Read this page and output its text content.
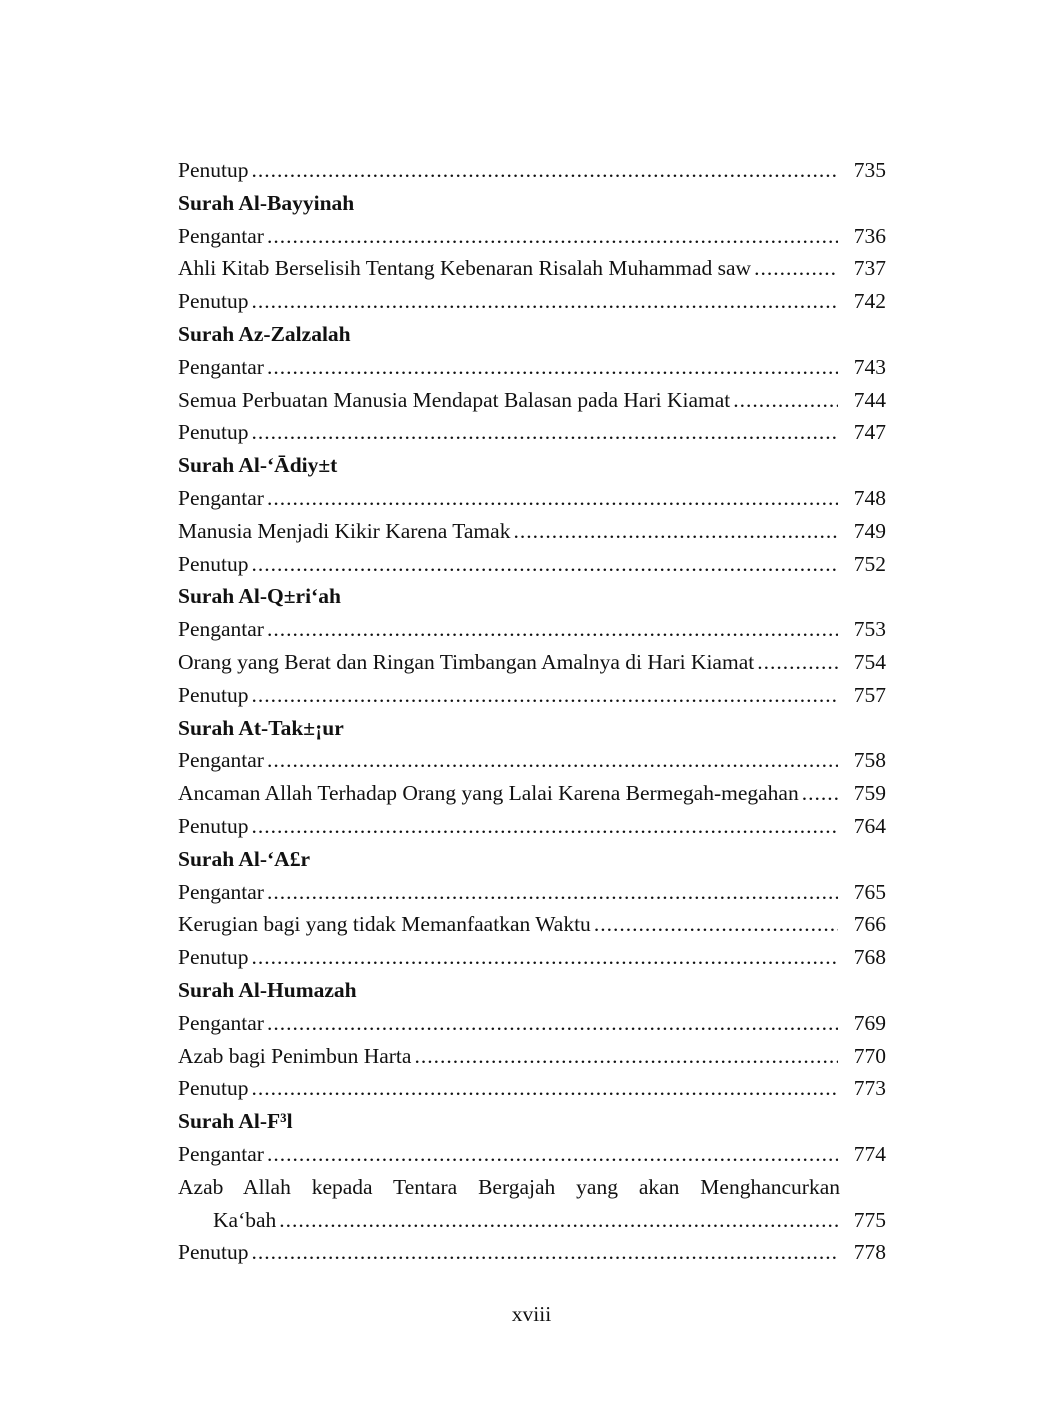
Penutup .....	735
Surah Al-Bayyinah
Pengantar .....	736
Ahli Kitab Berselisih Tentang Kebenaran Risalah Muhammad saw .....	737
Penutup .....	742
Surah Az-Zalzalah
Pengantar .....	743
Semua Perbuatan Manusia Mendapat Balasan pada Hari Kiamat .....	744
Penutup .....	747
Surah Al-‘Ādiy±t
Pengantar .....	748
Manusia Menjadi Kikir Karena Tamak .....	749
Penutup .....	752
Surah Al-Q±ri‘ah
Pengantar .....	753
Orang yang Berat dan Ringan Timbangan Amalnya di Hari Kiamat .....	754
Penutup .....	757
Surah At-Tak±¡ur
Pengantar .....	758
Ancaman Allah Terhadap Orang yang Lalai Karena Bermegah-megahan .....	759
Penutup .....	764
Surah Al-‘A£r
Pengantar .....	765
Kerugian bagi yang tidak Memanfaatkan Waktu .....	766
Penutup .....	768
Surah Al-Humazah
Pengantar .....	769
Azab bagi Penimbun Harta .....	770
Penutup .....	773
Surah Al-F³l
Pengantar .....	774
Azab Allah kepada Tentara Bergajah yang akan Menghancurkan
Ka‘bah .....	775
Penutup .....	778
xviii
